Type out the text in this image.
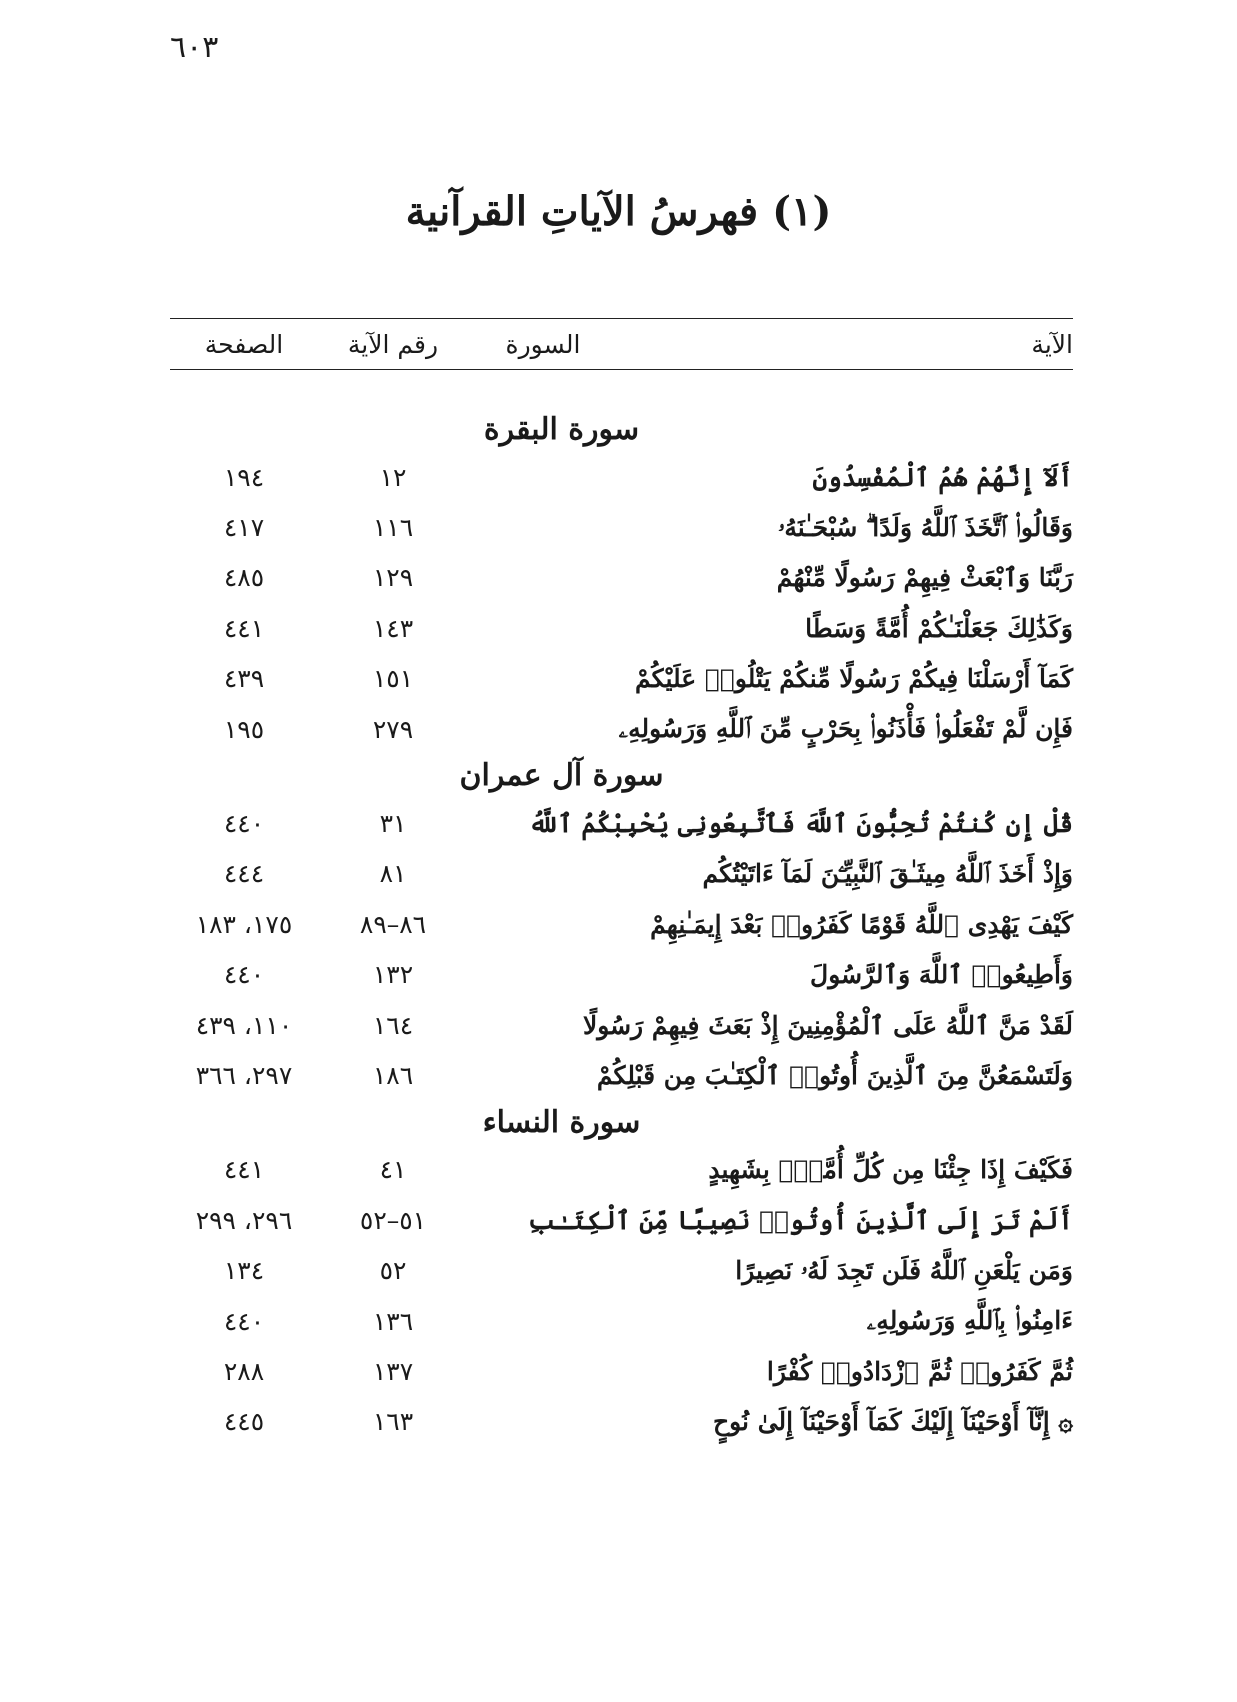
٦٠٣
(١) فهرسُ الآياتِ القرآنية
الآية
السورة
رقم الآية
الصفحة
سورة البقرة
أَلَآ إِنَّهُمْ هُمُ ٱلْمُفْسِدُونَ
١٢
١٩٤
وَقَالُوا۟ ٱتَّخَذَ ٱللَّهُ وَلَدًا ۗ سُبْحَـٰنَهُۥ
١١٦
٤١٧
رَبَّنَا وَٱبْعَثْ فِيهِمْ رَسُولًا مِّنْهُمْ
١٢٩
٤٨٥
وَكَذَٰلِكَ جَعَلْنَـٰكُمْ أُمَّةً وَسَطًا
١٤٣
٤٤١
كَمَآ أَرْسَلْنَا فِيكُمْ رَسُولًا مِّنكُمْ يَتْلُوا۟ عَلَيْكُمْ
١٥١
٤٣٩
فَإِن لَّمْ تَفْعَلُوا۟ فَأْذَنُوا۟ بِحَرْبٍ مِّنَ ٱللَّهِ وَرَسُولِهِۦ
٢٧٩
١٩٥
سورة آل عمران
قُلْ إِن كُنتُمْ تُحِبُّونَ ٱللَّهَ فَٱتَّبِعُونِى يُحْبِبْكُمُ ٱللَّهُ
٣١
٤٤٠
وَإِذْ أَخَذَ ٱللَّهُ مِيثَـٰقَ ٱلنَّبِيِّـۧنَ لَمَآ ءَاتَيْتُكُم
٨١
٤٤٤
كَيْفَ يَهْدِى ٱللَّهُ قَوْمًا كَفَرُوا۟ بَعْدَ إِيمَـٰنِهِمْ
٨٦–٨٩
١٧٥، ١٨٣
وَأَطِيعُوا۟ ٱللَّهَ وَٱلرَّسُولَ
١٣٢
٤٤٠
لَقَدْ مَنَّ ٱللَّهُ عَلَى ٱلْمُؤْمِنِينَ إِذْ بَعَثَ فِيهِمْ رَسُولًا
١٦٤
١١٠، ٤٣٩
وَلَتَسْمَعُنَّ مِنَ ٱلَّذِينَ أُوتُوا۟ ٱلْكِتَـٰبَ مِن قَبْلِكُمْ
١٨٦
٢٩٧، ٣٦٦
سورة النساء
فَكَيْفَ إِذَا جِئْنَا مِن كُلِّ أُمَّةٍۭ بِشَهِيدٍ
٤١
٤٤١
أَلَمْ تَرَ إِلَى ٱلَّذِينَ أُوتُوا۟ نَصِيبًا مِّنَ ٱلْكِتَـٰبِ
٥١–٥٢
٢٩٦، ٢٩٩
وَمَن يَلْعَنِ ٱللَّهُ فَلَن تَجِدَ لَهُۥ نَصِيرًا
٥٢
١٣٤
ءَامِنُوا۟ بِٱللَّهِ وَرَسُولِهِۦ
١٣٦
٤٤٠
ثُمَّ كَفَرُوا۟ ثُمَّ ٱزْدَادُوا۟ كُفْرًا
١٣٧
٢٨٨
۞ إِنَّآ أَوْحَيْنَآ إِلَيْكَ كَمَآ أَوْحَيْنَآ إِلَىٰ نُوحٍ
١٦٣
٤٤٥
